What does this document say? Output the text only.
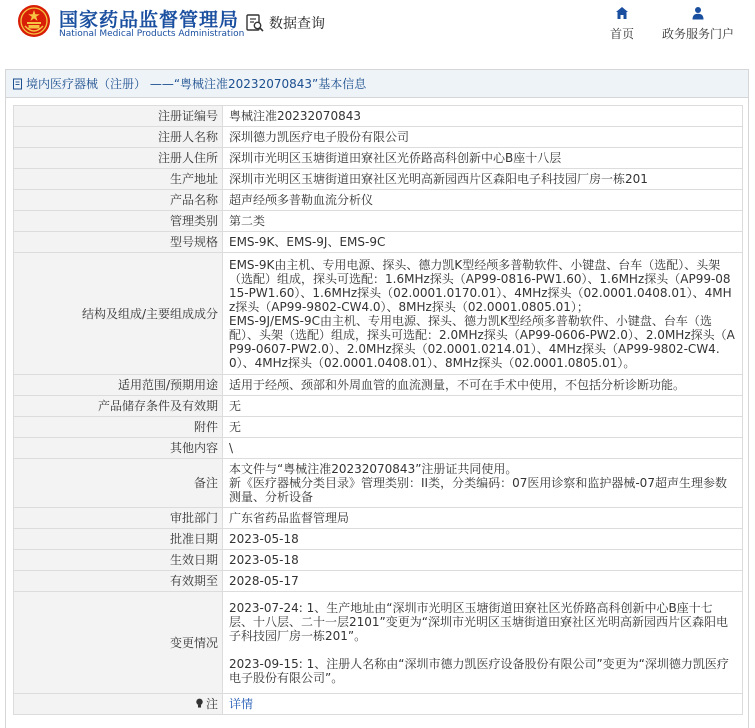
国家药品监督管理局
National Medical Products Administration
数据查询
首页 政务服务门户
境内医疗器械（注册） ——“粤械注准20232070843”基本信息
注册证编号	粤械注准20232070843
注册人名称	深圳德力凯医疗电子股份有限公司
注册人住所	深圳市光明区玉塘街道田寮社区光侨路高科创新中心B座十八层
生产地址	深圳市光明区玉塘街道田寮社区光明高新园西片区森阳电子科技园厂房一栋201
产品名称	超声经颅多普勒血流分析仪
管理类别	第二类
型号规格	EMS-9K、EMS-9J、EMS-9C
结构及组成/主要组成成分	EMS-9K由主机、专用电源、探头、德力凯K型经颅多普勒软件、小键盘、台车（选配）、头架（选配）组成，探头可选配：1.6MHz探头（AP99-0816-PW1.60）、1.6MHz探头（AP99-0815-PW1.60）、1.6MHz探头（02.0001.0170.01）、4MHz探头（02.0001.0408.01）、4MHz探头（AP99-9802-CW4.0）、8MHz探头（02.0001.0805.01）；
EMS-9J/EMS-9C由主机、专用电源、探头、德力凯K型经颅多普勒软件、小键盘、台车（选配）、头架（选配）组成，探头可选配：2.0MHz探头（AP99-0606-PW2.0）、2.0MHz探头（AP99-0607-PW2.0）、2.0MHz探头（02.0001.0214.01）、4MHz探头（AP99-9802-CW4.0）、4MHz探头（02.0001.0408.01）、8MHz探头（02.0001.0805.01）。

适用范围/预期用途	适用于经颅、颈部和外周血管的血流测量，不可在手术中使用，不包括分析诊断功能。
产品储存条件及有效期	无
附件	无
其他内容	\
备注	本文件与“粤械注准20232070843”注册证共同使用。
新《医疗器械分类目录》管理类别：II类，分类编码：07医用诊察和监护器械-07超声生理参数测量、分析设备

审批部门	广东省药品监督管理局
批准日期	2023-05-18
生效日期	2023-05-18
有效期至	2028-05-17
变更情况	2023-07-24: 1、生产地址由“深圳市光明区玉塘街道田寮社区光侨路高科创新中心B座十七层、十八层、二十一层2101”变更为“深圳市光明区玉塘街道田寮社区光明高新园西片区森阳电子科技园厂房一栋201”。
2023-09-15: 1、注册人名称由“深圳市德力凯医疗设备股份有限公司”变更为“深圳德力凯医疗电子股份有限公司”。

注	详情
